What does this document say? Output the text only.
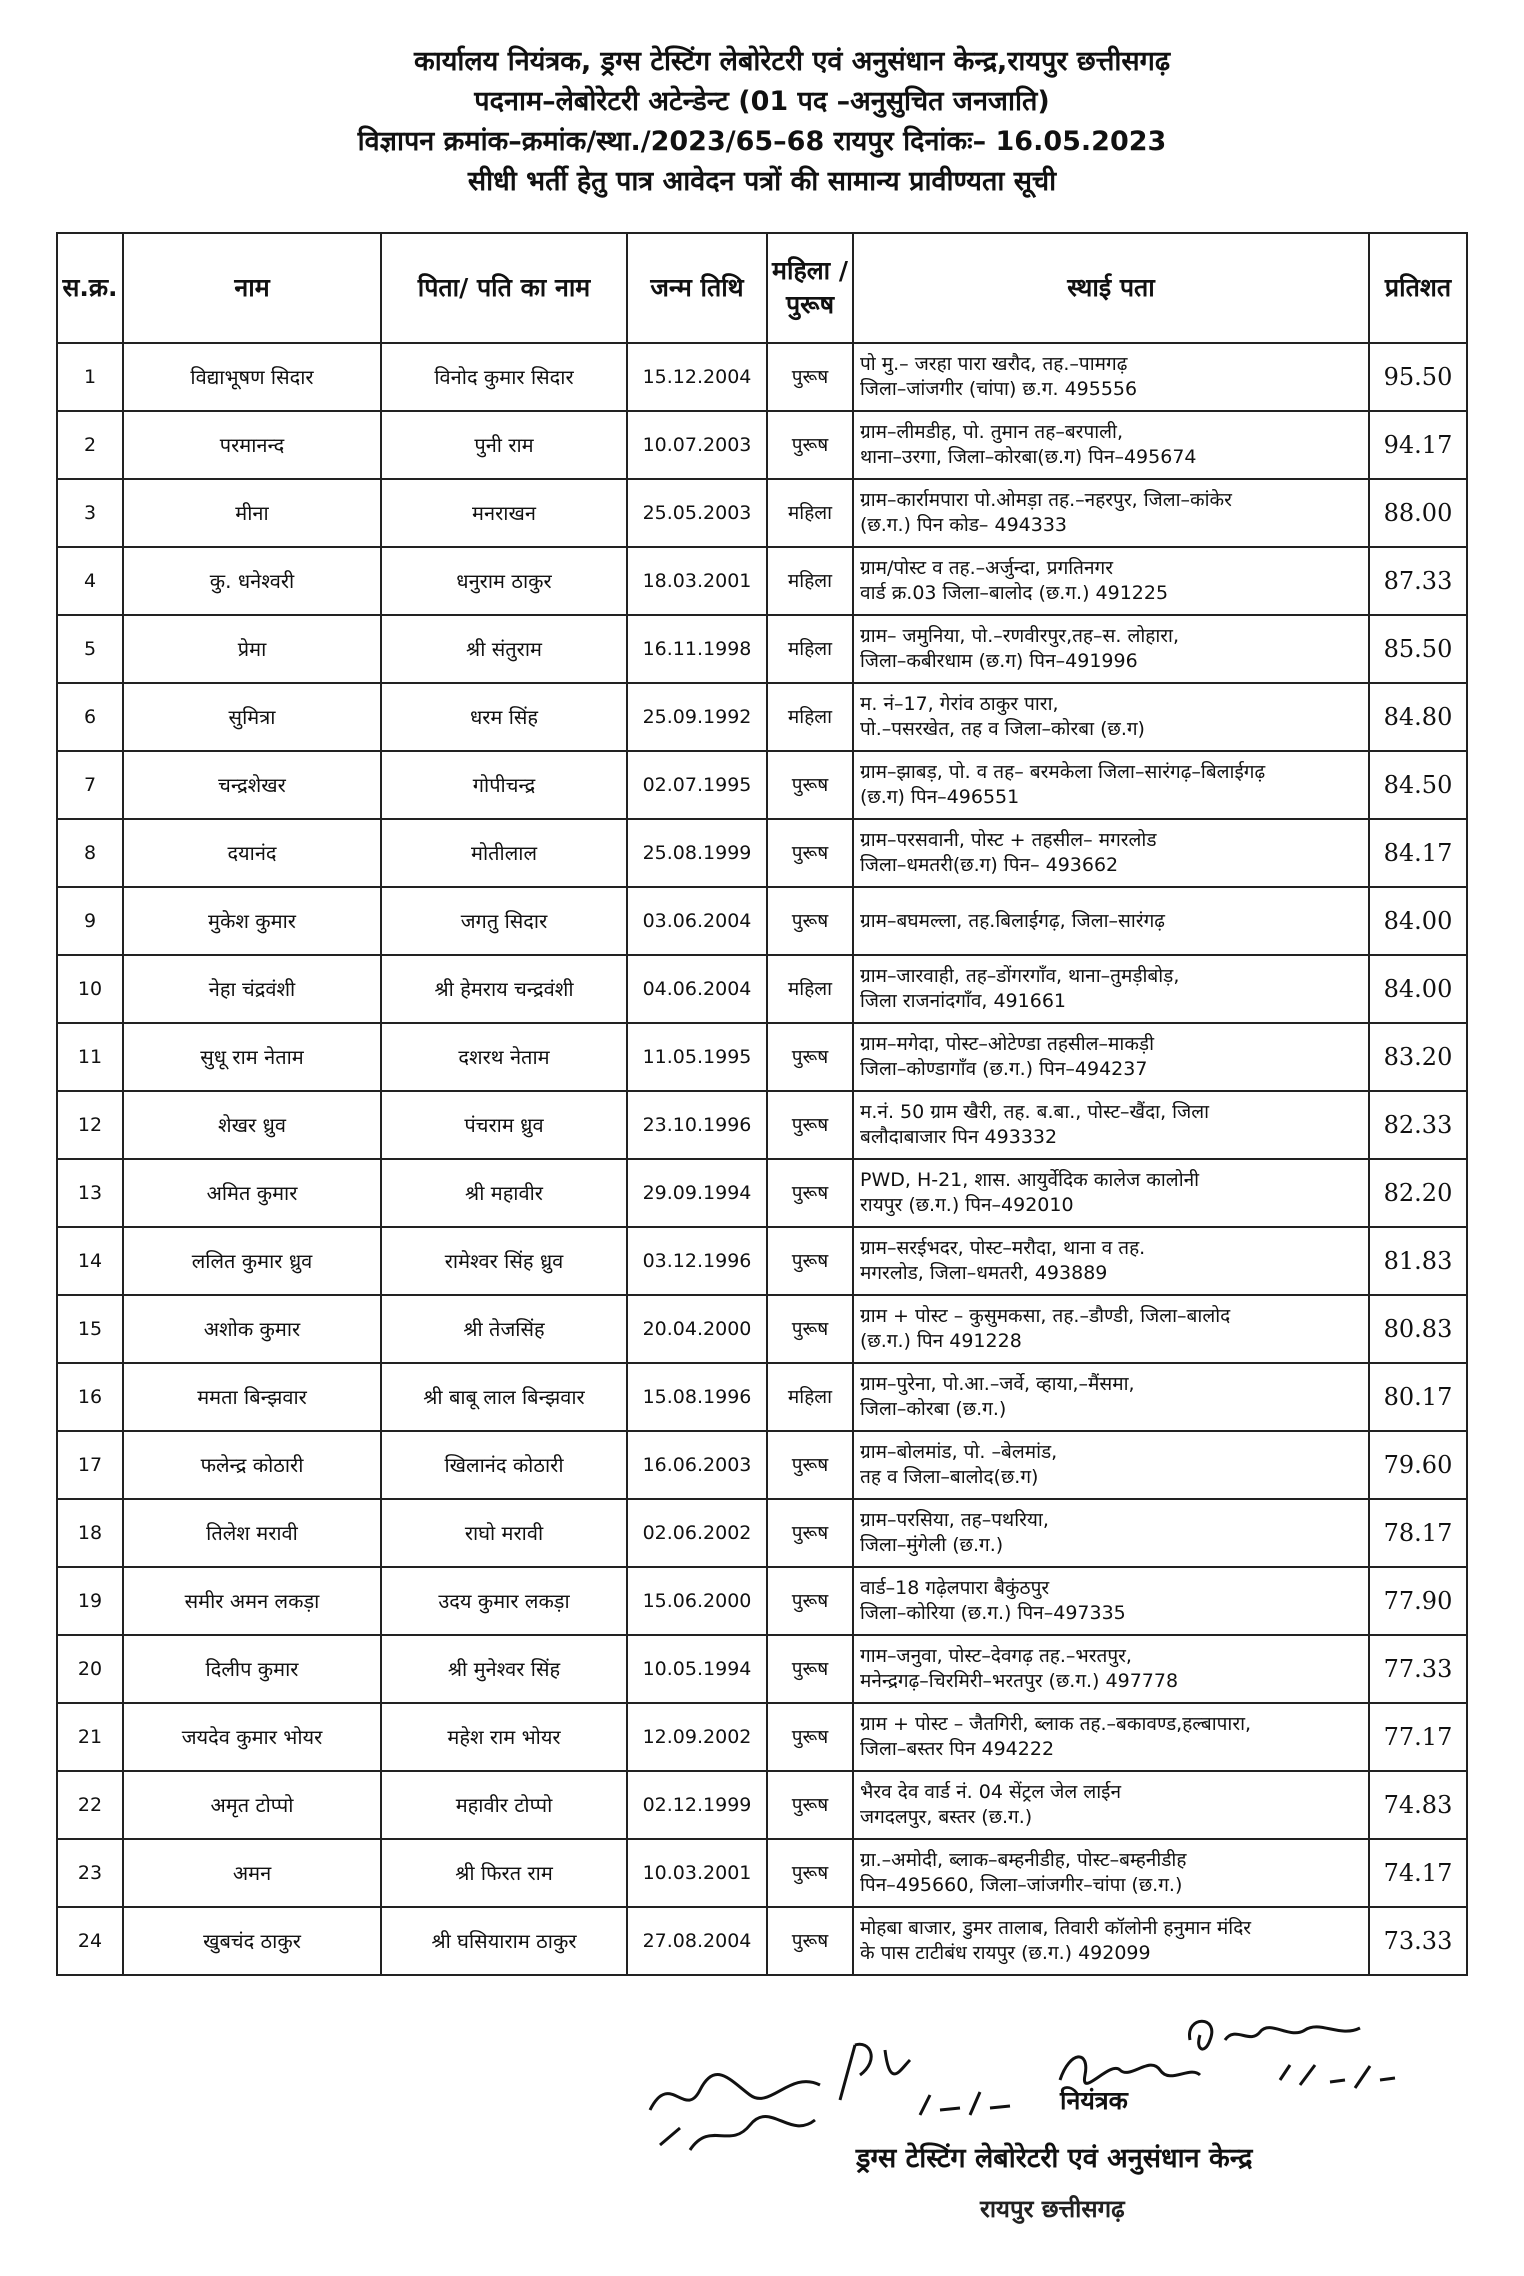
कार्यालय नियंत्रक, ड्रग्स टेस्टिंग लेबोरेटरी एवं अनुसंधान केन्द्र,रायपुर छत्तीसगढ़
पदनाम–लेबोरेटरी अटेन्डेन्ट (01 पद –अनुसुचित जनजाति)
विज्ञापन क्रमांक–क्रमांक/स्था./2023/65–68 रायपुर दिनांकः– 16.05.2023
सीधी भर्ती हेतु पात्र आवेदन पत्रों की सामान्य प्रावीण्यता सूची
स.क्र.	नाम	पिता/ पति का नाम	जन्म तिथि	महिला /पुरूष	स्थाई पता	प्रतिशत
1	विद्याभूषण सिदार	विनोद कुमार सिदार	15.12.2004	पुरूष	पो मु.– जरहा पारा खरौद, तह.–पामगढ़
जिला–जांजगीर (चांपा) छ.ग. 495556	95.50
2	परमानन्द	पुनी राम	10.07.2003	पुरूष	ग्राम–लीमडीह, पो. तुमान तह–बरपाली,
थाना–उरगा, जिला–कोरबा(छ.ग) पिन–495674	94.17
3	मीना	मनराखन	25.05.2003	महिला	ग्राम–कार्रामपारा पो.ओमड़ा तह.–नहरपुर, जिला–कांकेर
(छ.ग.) पिन कोड– 494333	88.00
4	कु. धनेश्वरी	धनुराम ठाकुर	18.03.2001	महिला	ग्राम/पोस्ट व तह.–अर्जुन्दा, प्रगतिनगर
वार्ड क्र.03 जिला–बालोद (छ.ग.) 491225	87.33
5	प्रेमा	श्री संतुराम	16.11.1998	महिला	ग्राम– जमुनिया, पो.–रणवीरपुर,तह–स. लोहारा,
जिला–कबीरधाम (छ.ग) पिन–491996	85.50
6	सुमित्रा	धरम सिंह	25.09.1992	महिला	म. नं–17, गेरांव ठाकुर पारा,
पो.–पसरखेत, तह व जिला–कोरबा (छ.ग)	84.80
7	चन्द्रशेखर	गोपीचन्द्र	02.07.1995	पुरूष	ग्राम–झाबड़, पो. व तह– बरमकेला जिला–सारंगढ़–बिलाईगढ़
(छ.ग) पिन–496551	84.50
8	दयानंद	मोतीलाल	25.08.1999	पुरूष	ग्राम–परसवानी, पोस्ट + तहसील– मगरलोड
जिला–धमतरी(छ.ग) पिन– 493662	84.17
9	मुकेश कुमार	जगतु सिदार	03.06.2004	पुरूष	ग्राम–बघमल्ला, तह.बिलाईगढ़, जिला–सारंगढ़	84.00
10	नेहा चंद्रवंशी	श्री हेमराय चन्द्रवंशी	04.06.2004	महिला	ग्राम–जारवाही, तह–डोंगरगाँव, थाना–तुमड़ीबोड़,
जिला राजनांदगाँव, 491661	84.00
11	सुधू राम नेताम	दशरथ नेताम	11.05.1995	पुरूष	ग्राम–मगेदा, पोस्ट–ओटेण्डा तहसील–माकड़ी
जिला–कोण्डागाँव (छ.ग.) पिन–494237	83.20
12	शेखर ध्रुव	पंचराम ध्रुव	23.10.1996	पुरूष	म.नं. 50 ग्राम खैरी, तह. ब.बा., पोस्ट–खैंदा, जिला
बलौदाबाजार पिन 493332	82.33
13	अमित कुमार	श्री महावीर	29.09.1994	पुरूष	PWD, H-21, शास. आयुर्वेदिक कालेज कालोनी
रायपुर (छ.ग.) पिन–492010	82.20
14	ललित कुमार ध्रुव	रामेश्वर सिंह ध्रुव	03.12.1996	पुरूष	ग्राम–सरईभदर, पोस्ट–मरौदा, थाना व तह.
मगरलोड, जिला–धमतरी, 493889	81.83
15	अशोक कुमार	श्री तेजसिंह	20.04.2000	पुरूष	ग्राम + पोस्ट – कुसुमकसा, तह.–डौण्डी, जिला–बालोद
(छ.ग.) पिन 491228	80.83
16	ममता बिन्झवार	श्री बाबू लाल बिन्झवार	15.08.1996	महिला	ग्राम–पुरेना, पो.आ.–जर्वे, व्हाया,–मैंसमा,
जिला–कोरबा (छ.ग.)	80.17
17	फलेन्द्र कोठारी	खिलानंद कोठारी	16.06.2003	पुरूष	ग्राम–बोलमांड, पो. –बेलमांड,
तह व जिला–बालोद(छ.ग)	79.60
18	तिलेश मरावी	राघो मरावी	02.06.2002	पुरूष	ग्राम–परसिया, तह–पथरिया,
जिला–मुंगेली (छ.ग.)	78.17
19	समीर अमन लकड़ा	उदय कुमार लकड़ा	15.06.2000	पुरूष	वार्ड–18 गढ़ेलपारा बैकुंठपुर
जिला–कोरिया (छ.ग.) पिन–497335	77.90
20	दिलीप कुमार	श्री मुनेश्वर सिंह	10.05.1994	पुरूष	गाम–जनुवा, पोस्ट–देवगढ़ तह.–भरतपुर,
मनेन्द्रगढ़–चिरमिरी–भरतपुर (छ.ग.) 497778	77.33
21	जयदेव कुमार भोयर	महेश राम भोयर	12.09.2002	पुरूष	ग्राम + पोस्ट – जैतगिरी, ब्लाक तह.–बकावण्ड,हल्बापारा,
जिला–बस्तर पिन 494222	77.17
22	अमृत टोप्पो	महावीर टोप्पो	02.12.1999	पुरूष	भैरव देव वार्ड नं. 04 सेंट्रल जेल लाईन
जगदलपुर, बस्तर (छ.ग.)	74.83
23	अमन	श्री फिरत राम	10.03.2001	पुरूष	ग्रा.–अमोदी, ब्लाक–बम्हनीडीह, पोस्ट–बम्हनीडीह
पिन–495660, जिला–जांजगीर–चांपा (छ.ग.)	74.17
24	खुबचंद ठाकुर	श्री घसियाराम ठाकुर	27.08.2004	पुरूष	मोहबा बाजार, डुमर तालाब, तिवारी कॉलोनी हनुमान मंदिर
के पास टाटीबंध रायपुर (छ.ग.) 492099	73.33
नियंत्रक
ड्रग्स टेस्टिंग लेबोरेटरी एवं अनुसंधान केन्द्र
रायपुर छत्तीसगढ़
